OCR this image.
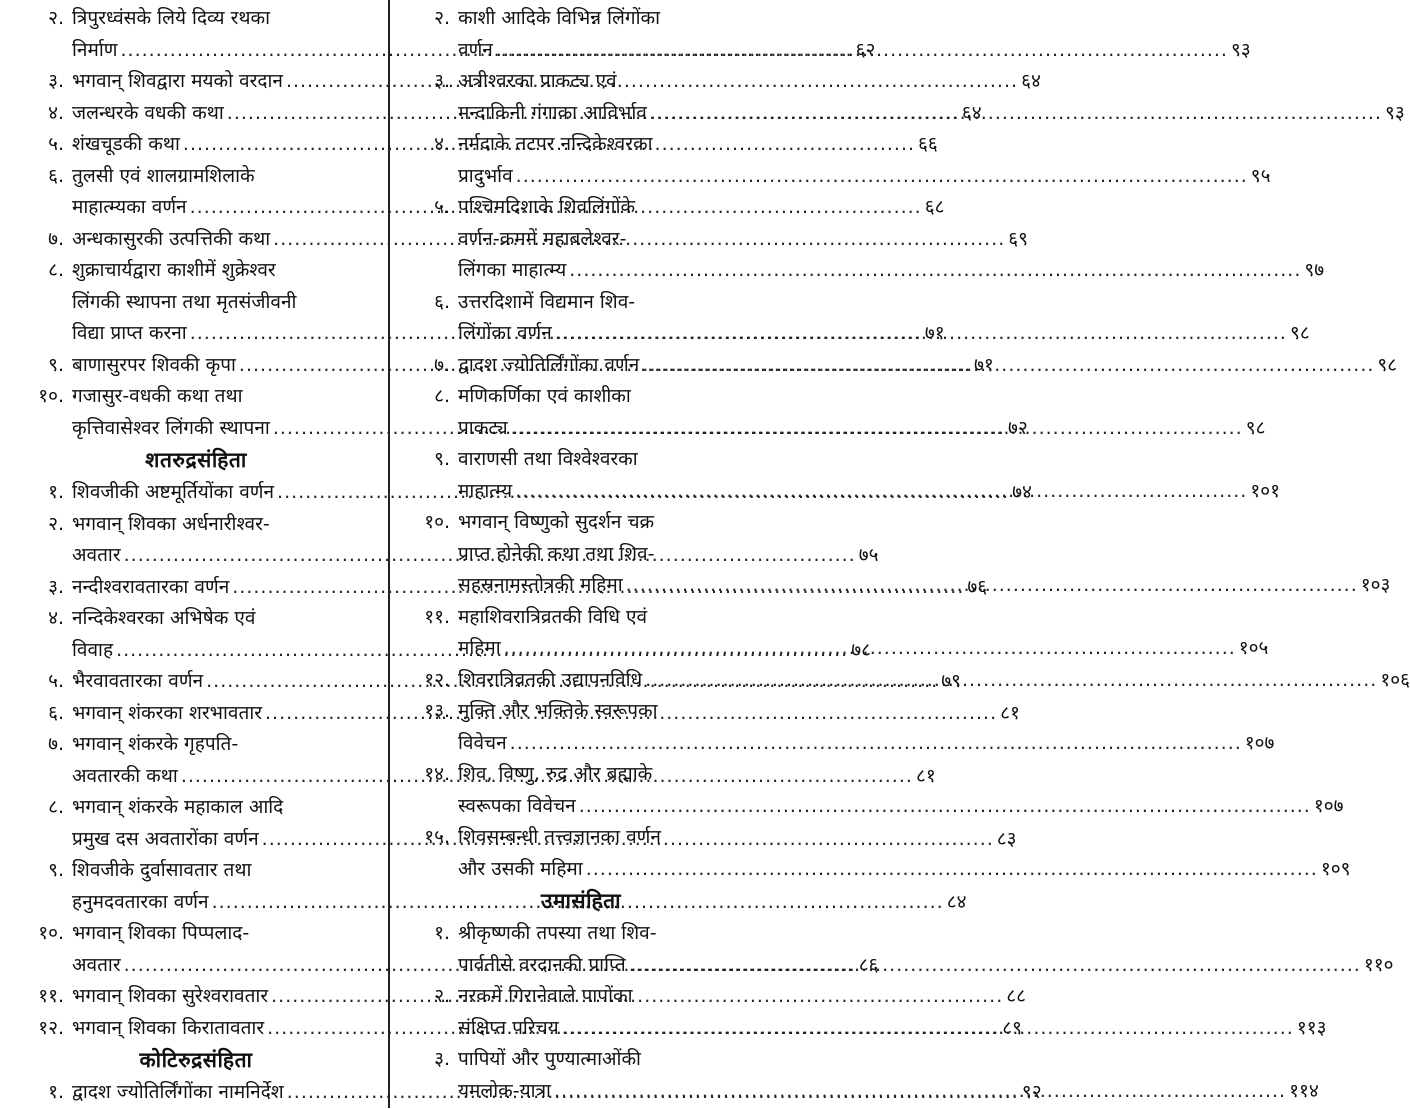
२. त्रिपुरध्वंसके लिये दिव्य रथका
निर्माण .....	६२
३. भगवान् शिवद्वारा मयको वरदान .....	६४
४. जलन्धरके वधकी कथा .....	६४
५. शंखचूडकी कथा .....	६६
६. तुलसी एवं शालग्रामशिलाके
माहात्म्यका वर्णन .....	६८
७. अन्धकासुरकी उत्पत्तिकी कथा .....	६९
८. शुक्राचार्यद्वारा काशीमें शुक्रेश्वर
लिंगकी स्थापना तथा मृतसंजीवनी
विद्या प्राप्त करना .....	७१
९. बाणासुरपर शिवकी कृपा .....	७१
१०. गजासुर-वधकी कथा तथा
कृत्तिवासेश्वर लिंगकी स्थापना .....	७२
शतरुद्रसंहिता
१. शिवजीकी अष्टमूर्तियोंका वर्णन .....	७४
२. भगवान् शिवका अर्धनारीश्वर-
अवतार .....	७५
३. नन्दीश्वरावतारका वर्णन .....	७६
४. नन्दिकेश्वरका अभिषेक एवं
विवाह .....	७८
५. भैरवावतारका वर्णन .....	७९
६. भगवान् शंकरका शरभावतार .....	८१
७. भगवान् शंकरके गृहपति-
अवतारकी कथा .....	८१
८. भगवान् शंकरके महाकाल आदि
प्रमुख दस अवतारोंका वर्णन .....	८३
९. शिवजीके दुर्वासावतार तथा
हनुमदवतारका वर्णन .....	८४
१०. भगवान् शिवका पिप्पलाद-
अवतार .....	८६
११. भगवान् शिवका सुरेश्वरावतार .....	८८
१२. भगवान् शिवका किरातावतार .....	८९
कोटिरुद्रसंहिता
१. द्वादश ज्योतिर्लिंगोंका नामनिर्देश .....	९२
२. काशी आदिके विभिन्न लिंगोंका
वर्णन .....	९३
३. अत्रीश्वरका प्राकट्य एवं
मन्दाकिनी गंगाका आविर्भाव .....	९३
४. नर्मदाके तटपर नन्दिकेश्वरका
प्रादुर्भाव .....	९५
५. पश्चिमदिशाके शिवलिंगोंके
वर्णन-क्रममें महाबलेश्वर-
लिंगका माहात्म्य .....	९७
६. उत्तरदिशामें विद्यमान शिव-
लिंगोंका वर्णन .....	९८
७. द्वादश ज्योतिर्लिंगोंका वर्णन .....	९८
८. मणिकर्णिका एवं काशीका
प्राकट्य .....	९८
९. वाराणसी तथा विश्वेश्वरका
माहात्म्य .....	१०१
१०. भगवान् विष्णुको सुदर्शन चक्र
प्राप्त होनेकी कथा तथा शिव-
सहस्रनामस्तोत्रकी महिमा .....	१०३
११. महाशिवरात्रिव्रतकी विधि एवं
महिमा .....	१०५
१२. शिवरात्रिव्रतकी उद्यापनविधि .....	१०६
१३. मुक्ति और भक्तिके स्वरूपका
विवेचन .....	१०७
१४. शिव, विष्णु, रुद्र और ब्रह्माके
स्वरूपका विवेचन .....	१०७
१५. शिवसम्बन्धी तत्त्वज्ञानका वर्णन
और उसकी महिमा .....	१०९
उमासंहिता
१. श्रीकृष्णकी तपस्या तथा शिव-
पार्वतीसे वरदानकी प्राप्ति .....	११०
२. नरकमें गिरानेवाले पापोंका
संक्षिप्त परिचय .....	११३
३. पापियों और पुण्यात्माओंकी
यमलोक-यात्रा .....	११४
